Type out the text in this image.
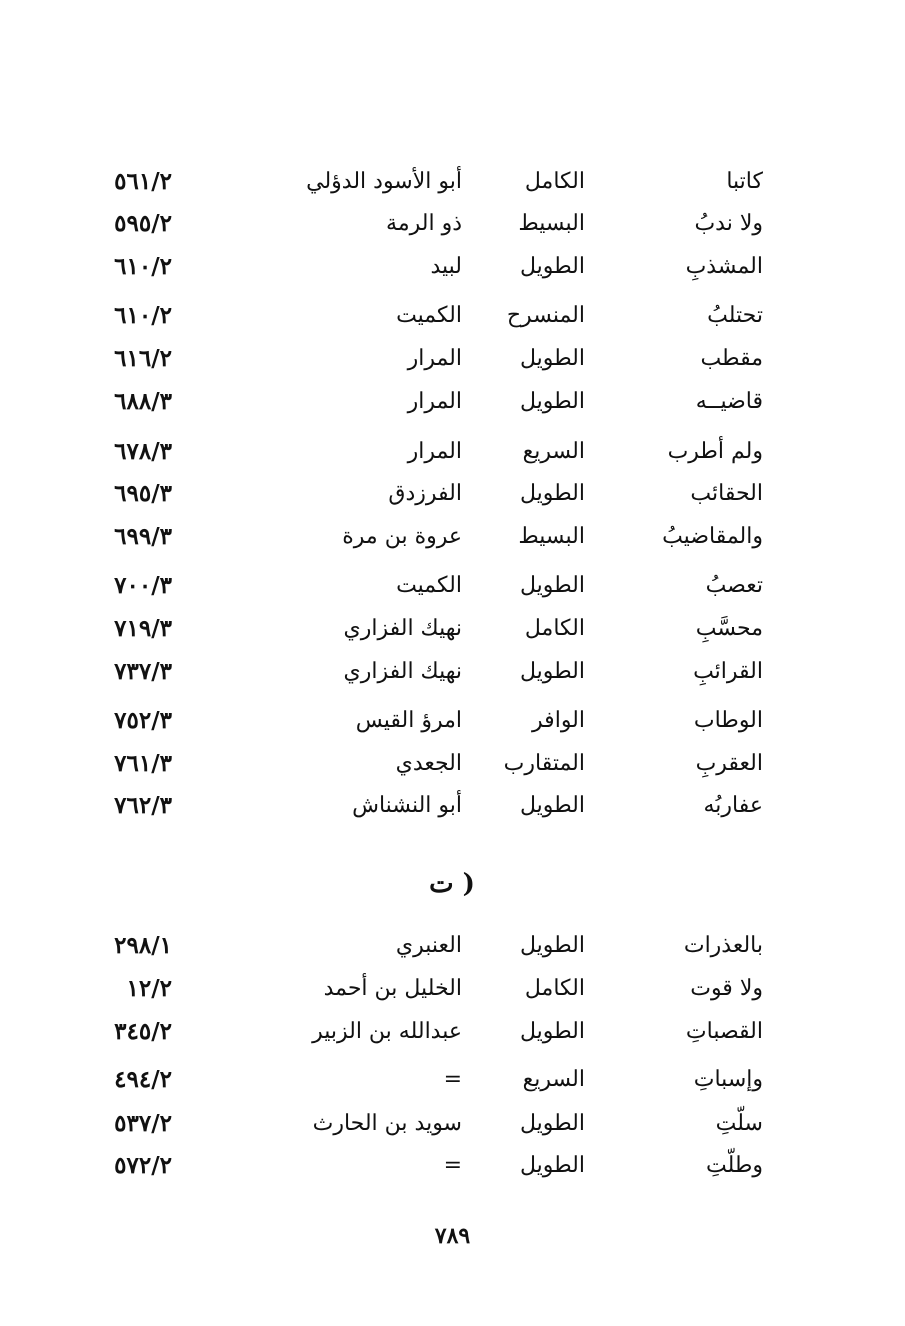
كاتبا
الكامل
أبو الأسود الدؤلي
٥٦١/٢
ولا ندبُ
البسيط
ذو الرمة
٥٩٥/٢
المشذبِ
الطويل
لبيد
٦١٠/٢
تحتلبُ
المنسرح
الكميت
٦١٠/٢
مقطب
الطويل
المرار
٦١٦/٢
قاضيــه
الطويل
المرار
٦٨٨/٣
ولم أطرب
السريع
المرار
٦٧٨/٣
الحقائب
الطويل
الفرزدق
٦٩٥/٣
والمقاضيبُ
البسيط
عروة بن مرة
٦٩٩/٣
تعصبُ
الطويل
الكميت
٧٠٠/٣
محسَّبِ
الكامل
نهيك الفزاري
٧١٩/٣
القرائبِ
الطويل
نهيك الفزاري
٧٣٧/٣
الوطاب
الوافر
امرؤ القيس
٧٥٢/٣
العقربِ
المتقارب
الجعدي
٧٦١/٣
عفاربُه
الطويل
أبو النشناش
٧٦٢/٣
( ت
بالعذرات
الطويل
العنبري
٢٩٨/١
ولا قوت
الكامل
الخليل بن أحمد
١٢/٢
القصباتِ
الطويل
عبدالله بن الزبير
٣٤٥/٢
وإسباتِ
السريع
=
٤٩٤/٢
سلّتِ
الطويل
سويد بن الحارث
٥٣٧/٢
وطلّتِ
الطويل
=
٥٧٢/٢
٧٨٩
